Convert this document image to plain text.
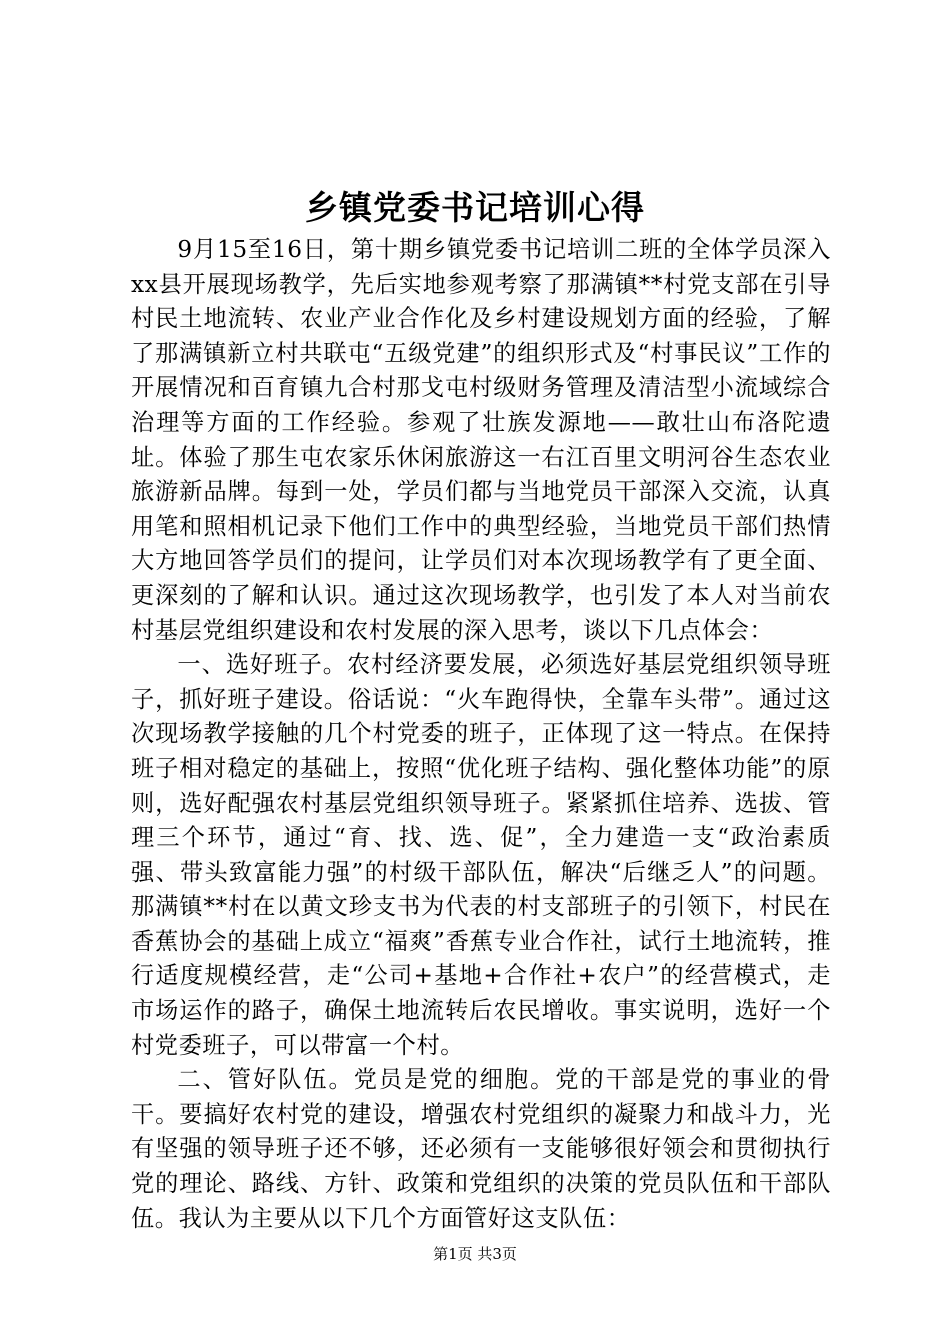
乡镇党委书记培训心得

9月15至16日，第十期乡镇党委书记培训二班的全体学员深入xx县开展现场教学，先后实地参观考察了那满镇**村党支部在引导村民土地流转、农业产业合作化及乡村建设规划方面的经验，了解了那满镇新立村共联屯“五级党建”的组织形式及“村事民议”工作的开展情况和百育镇九合村那戈屯村级财务管理及清洁型小流域综合治理等方面的工作经验。参观了壮族发源地——敢壮山布洛陀遗址。体验了那生屯农家乐休闲旅游这一右江百里文明河谷生态农业旅游新品牌。每到一处，学员们都与当地党员干部深入交流，认真用笔和照相机记录下他们工作中的典型经验，当地党员干部们热情大方地回答学员们的提问，让学员们对本次现场教学有了更全面、更深刻的了解和认识。通过这次现场教学，也引发了本人对当前农村基层党组织建设和农村发展的深入思考，谈以下几点体会：

一、选好班子。农村经济要发展，必须选好基层党组织领导班子，抓好班子建设。俗话说：“火车跑得快，全靠车头带”。通过这次现场教学接触的几个村党委的班子，正体现了这一特点。在保持班子相对稳定的基础上，按照“优化班子结构、强化整体功能”的原则，选好配强农村基层党组织领导班子。紧紧抓住培养、选拔、管理三个环节，通过“育、找、选、促”，全力建造一支“政治素质强、带头致富能力强”的村级干部队伍，解决“后继乏人”的问题。那满镇**村在以黄文珍支书为代表的村支部班子的引领下，村民在香蕉协会的基础上成立“福爽”香蕉专业合作社，试行土地流转，推行适度规模经营，走“公司+基地+合作社+农户”的经营模式，走市场运作的路子，确保土地流转后农民增收。事实说明，选好一个村党委班子，可以带富一个村。

二、管好队伍。党员是党的细胞。党的干部是党的事业的骨干。要搞好农村党的建设，增强农村党组织的凝聚力和战斗力，光有坚强的领导班子还不够，还必须有一支能够很好领会和贯彻执行党的理论、路线、方针、政策和党组织的决策的党员队伍和干部队伍。我认为主要从以下几个方面管好这支队伍：

第1页 共3页
